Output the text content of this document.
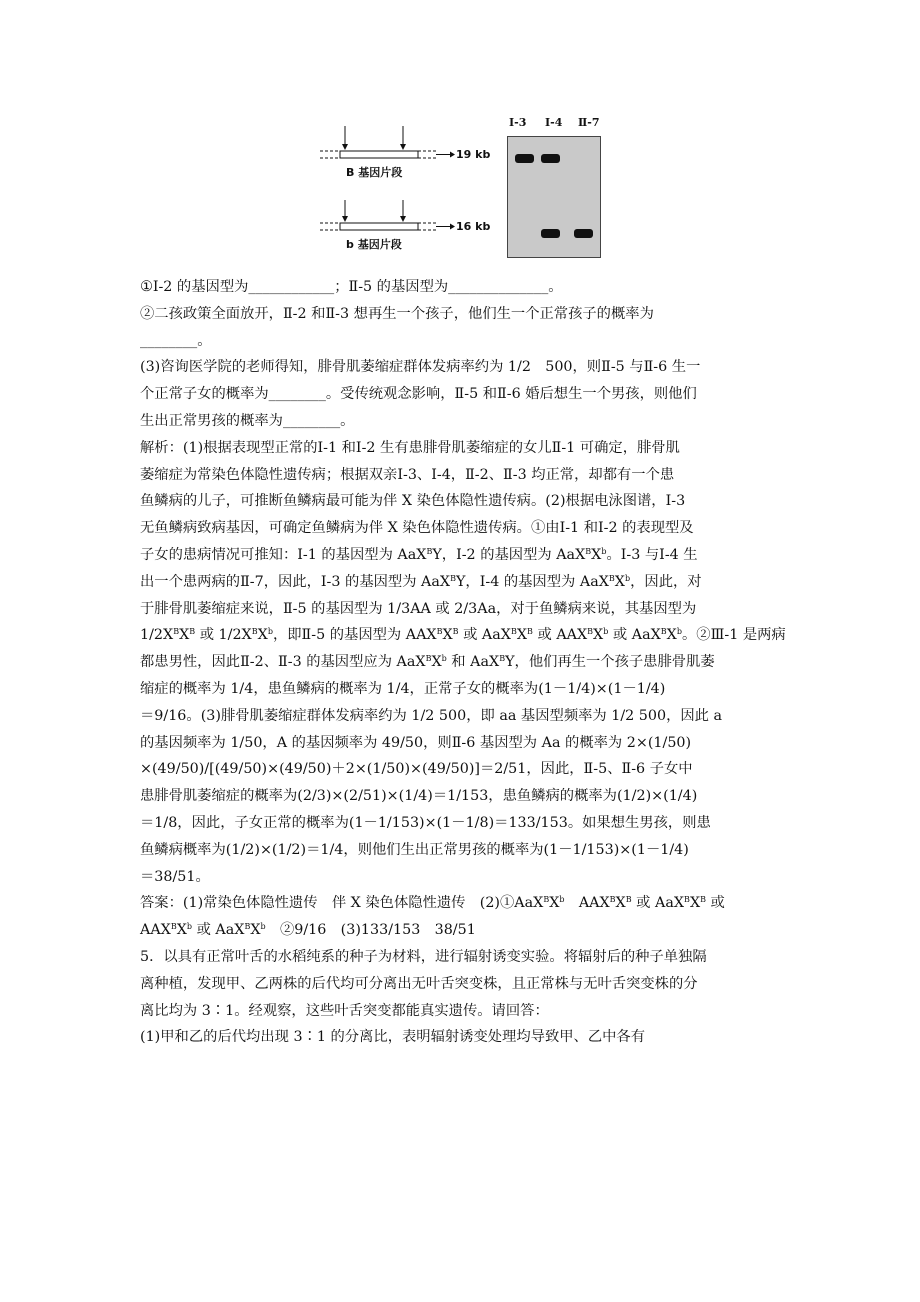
19 kb
B 基因片段
16 kb
b 基因片段
Ⅰ-3 Ⅰ-4 Ⅱ-7
①Ⅰ-2 的基因型为____________；Ⅱ-5 的基因型为______________。
②二孩政策全面放开，Ⅱ-2 和Ⅱ-3 想再生一个孩子，他们生一个正常孩子的概率为
________。
(3)咨询医学院的老师得知，腓骨肌萎缩症群体发病率约为 1/2　500，则Ⅱ-5 与Ⅱ-6 生一
个正常子女的概率为________。受传统观念影响，Ⅱ-5 和Ⅱ-6 婚后想生一个男孩，则他们
生出正常男孩的概率为________。
解析：(1)根据表现型正常的Ⅰ-1 和Ⅰ-2 生有患腓骨肌萎缩症的女儿Ⅱ-1 可确定，腓骨肌
萎缩症为常染色体隐性遗传病；根据双亲Ⅰ-3、Ⅰ-4，Ⅱ-2、Ⅱ-3 均正常，却都有一个患
鱼鳞病的儿子，可推断鱼鳞病最可能为伴 X 染色体隐性遗传病。(2)根据电泳图谱，Ⅰ-3
无鱼鳞病致病基因，可确定鱼鳞病为伴 X 染色体隐性遗传病。①由Ⅰ-1 和Ⅰ-2 的表现型及
子女的患病情况可推知：Ⅰ-1 的基因型为 AaX$^B$Y，Ⅰ-2 的基因型为 $AaX^BX^b$。Ⅰ-3 与Ⅰ-4 生
出一个患两病的Ⅱ-7，因此，Ⅰ-3 的基因型为 AaX$^B$Y，Ⅰ-4 的基因型为 $AaX^BX^b$，因此，对
于腓骨肌萎缩症来说，Ⅱ-5 的基因型为 1/3AA 或 2/3Aa，对于鱼鳞病来说，其基因型为
$1/2X^BX^B$ 或 $1/2X^BX^b$，即Ⅱ-5 的基因型为 $AAX^BX^B$ 或 $AaX^BX^B$ 或 $AAX^BX^b$ 或 $AaX^BX^b$。②Ⅲ-1 是两病
都患男性，因此Ⅱ-2、Ⅱ-3 的基因型应为 $AaX^BX^b$ 和 AaX$^B$Y，他们再生一个孩子患腓骨肌萎
缩症的概率为 1/4，患鱼鳞病的概率为 1/4，正常子女的概率为(1－1/4)×(1－1/4)
＝9/16。(3)腓骨肌萎缩症群体发病率约为 1/2 500，即 aa 基因型频率为 1/2 500，因此 a
的基因频率为 1/50，A 的基因频率为 49/50，则Ⅱ-6 基因型为 Aa 的概率为 2×(1/50)
×(49/50)/[(49/50)×(49/50)＋2×(1/50)×(49/50)]＝2/51，因此，Ⅱ-5、Ⅱ-6 子女中
患腓骨肌萎缩症的概率为(2/3)×(2/51)×(1/4)＝1/153，患鱼鳞病的概率为(1/2)×(1/4)
＝1/8，因此，子女正常的概率为(1－1/153)×(1－1/8)＝133/153。如果想生男孩，则患
鱼鳞病概率为(1/2)×(1/2)＝1/4，则他们生出正常男孩的概率为(1－1/153)×(1－1/4)
＝38/51。
答案：(1)常染色体隐性遗传　伴 X 染色体隐性遗传　$(2)①AaX^BX^b$　$AAX^BX^B$ 或 $AaX^BX^B$ 或
$AAX^BX^b$ 或 $AaX^BX^b$　②9/16　(3)133/153　38/51
5．以具有正常叶舌的水稻纯系的种子为材料，进行辐射诱变实验。将辐射后的种子单独隔
离种植，发现甲、乙两株的后代均可分离出无叶舌突变株，且正常株与无叶舌突变株的分
离比均为 3∶1。经观察，这些叶舌突变都能真实遗传。请回答：
(1)甲和乙的后代均出现 3∶1 的分离比，表明辐射诱变处理均导致甲、乙中各有
